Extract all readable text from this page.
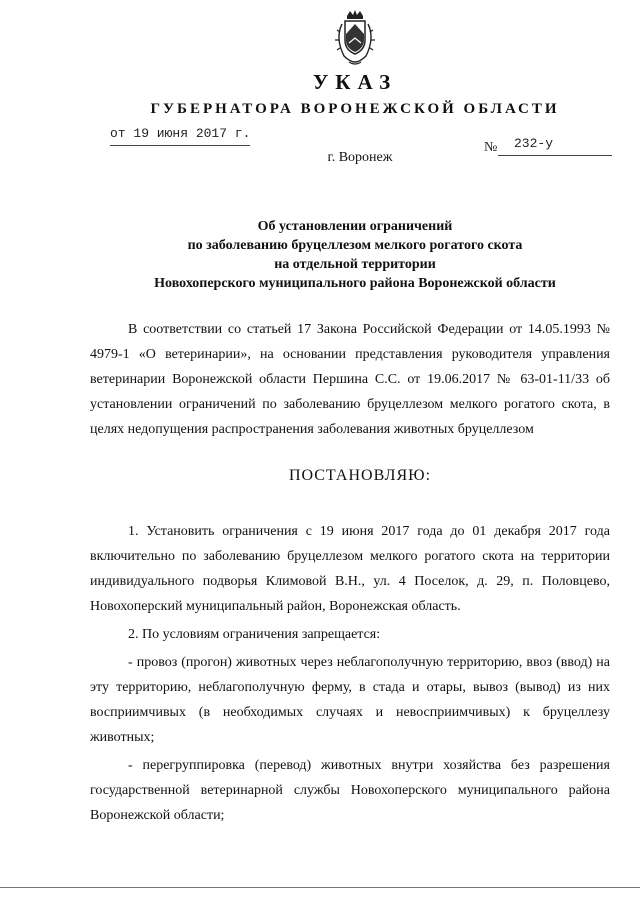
УКАЗ
ГУБЕРНАТОРА ВОРОНЕЖСКОЙ ОБЛАСТИ
от 19 июня 2017 г.
№ 232-у
г. Воронеж
Об установлении ограничений
по заболеванию бруцеллезом мелкого рогатого скота
на отдельной территории
Новохоперского муниципального района Воронежской области

В соответствии со статьей 17 Закона Российской Федерации от 14.05.1993 № 4979-1 «О ветеринарии», на основании представления руководителя управления ветеринарии Воронежской области Першина С.С. от 19.06.2017 № 63-01-11/33 об установлении ограничений по заболеванию бруцеллезом мелкого рогатого скота, в целях недопущения распространения заболевания животных бруцеллезом

ПОСТАНОВЛЯЮ:

1. Установить ограничения с 19 июня 2017 года до 01 декабря 2017 года включительно по заболеванию бруцеллезом мелкого рогатого скота на территории индивидуального подворья Климовой В.Н., ул. 4 Поселок, д. 29, п. Половцево, Новохоперский муниципальный район, Воронежская область.

2. По условиям ограничения запрещается:

- провоз (прогон) животных через неблагополучную территорию, ввоз (ввод) на эту территорию, неблагополучную ферму, в стада и отары, вывоз (вывод) из них восприимчивых (в необходимых случаях и невосприимчивых) к бруцеллезу животных;

- перегруппировка (перевод) животных внутри хозяйства без разрешения государственной ветеринарной службы Новохоперского муниципального района Воронежской области;
